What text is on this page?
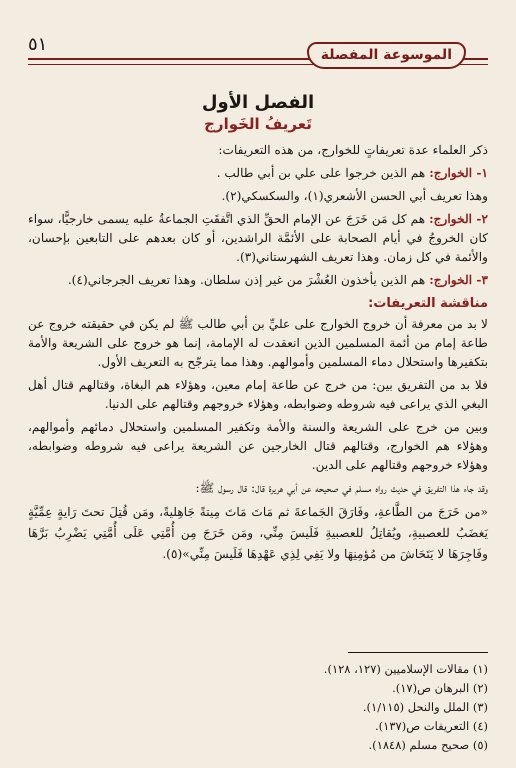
٥١	الموسوعة المفصلة
الفصل الأول
تَعريفُ الخَوارج

ذكر العلماء عدة تعريفاتٍ للخوارج، من هذه التعريفات:

١- الخوارج: هم الذين خرجوا على علي بن أبي طالب .

وهذا تعريف أبي الحسن الأشعري(١)، والسكسكي(٢).

٢- الخوارج: هم كل مَن خَرَجَ عن الإمام الحقِّ الذي اتَّفقَتِ الجماعةُ عليه يسمى خارجيًّا، سواء كان الخروجُ في أيام الصحابة على الأئمَّة الراشدين، أو كان بعدهم على التابعين بإحسان، والأئمة في كل زمان. وهذا تعريف الشهرستاني(٣).

٣- الخوارج: هم الذين يأخذون العُشْرَ من غير إذن سلطان. وهذا تعريف الجرجاني(٤).

مناقشة التعريفات:

لا بد من معرفة أن خروج الخوارج على عليِّ بن أبي طالب ﷺ لم يكن في حقيقته خروج عن طاعة إمام من أئمة المسلمين الذين انعقدت له الإمامة، إنما هو خروج على الشريعة والأمة بتكفيرها واستحلال دماء المسلمين وأموالهم. وهذا مما يترجّح به التعريف الأول.

فلا بد من التفريق بين: من خرج عن طاعة إمام معين، وهؤلاء هم البغاة، وقتالهم قتال أهل البغي الذي يراعى فيه شروطه وضوابطه، وهؤلاء خروجهم وقتالهم على الدنيا.

وبين من خرج على الشريعة والسنة والأمة وتكفير المسلمين واستحلال دمائهم وأموالهم، وهؤلاء هم الخوارج، وقتالهم قتال الخارجين عن الشريعة يراعى فيه شروطه وضوابطه، وهؤلاء خروجهم وقتالهم على الدين.

وقد جاء هذا التفريق في حديث رواه مسلم في صحيحه عن أبي هريرة قال: قال رسول ﷺ:

«من خَرَجَ من الطَّاعةِ، وفَارَقَ الجَماعةَ ثم مَاتَ مَاتَ مِيتةً جَاهِليةً، ومَن قُتِلَ تحتَ رَايةٍ عِمِّيَّةٍ يَغضَبُ للعصبيةِ، ويُقاتِلُ للعصبيةِ فَلَيسَ مِنِّي، ومَن خَرَجَ مِن أُمَّتِي عَلَى أُمَّتِي يَضْرِبُ بَرَّهَا وفَاجِرَهَا لا يَتَحَاشَ من مُؤمِنِهَا ولا يَفِي لِذِي عَهْدِهَا فَلَيسَ مِنِّي»(٥).

(١) مقالات الإسلاميين (١٢٧، ١٢٨).

(٢) البرهان ص(١٧).

(٣) الملل والنحل (١/١١٥).

(٤) التعريفات ص(١٣٧).

(٥) صحيح مسلم (١٨٤٨).
